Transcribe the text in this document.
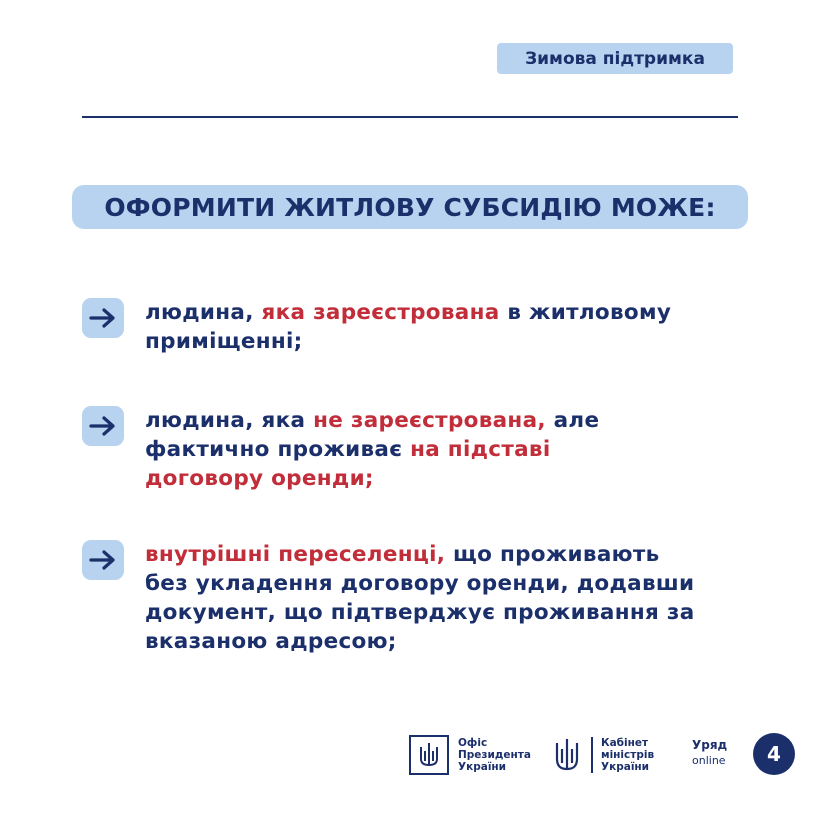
Зимова підтримка
ОФОРМИТИ ЖИТЛОВУ СУБСИДІЮ МОЖЕ:
людина, яка зареєстрована в житловому приміщенні;
людина, яка не зареєстрована, але фактично проживає на підставі договору оренди;
внутрішні переселенці, що проживають без укладення договору оренди, додавши документ, що підтверджує проживання за вказаною адресою;
Офіс
Президента
України
Кабінет
міністрів
України
Уряд
online	4
